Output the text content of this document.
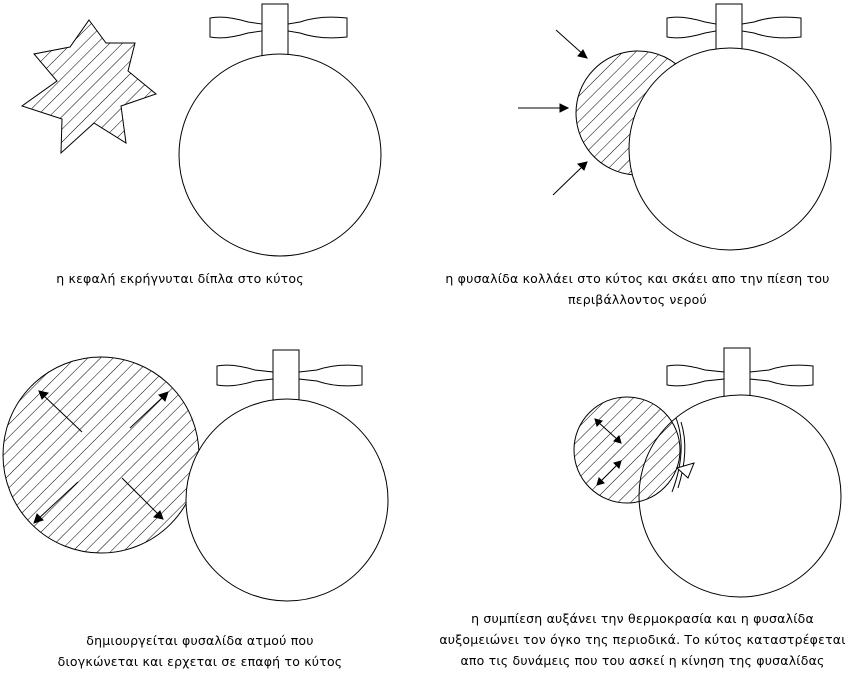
η κεφαλή εκρήγνυται δίπλα στο κύτος	η φυσαλίδα κολλάει στο κύτος και σκάει απο την πίεση του
περιβάλλοντος νερού
δημιουργείται φυσαλίδα ατμού που
διογκώνεται και ερχεται σε επαφή το κύτος
η συμπίεση αυξάνει την θερμοκρασία και η φυσαλίδα
αυξομειώνει τον όγκο της περιοδικά. Το κύτος καταστρέφεται
απο τις δυνάμεις που του ασκεί η κίνηση της φυσαλίδας
